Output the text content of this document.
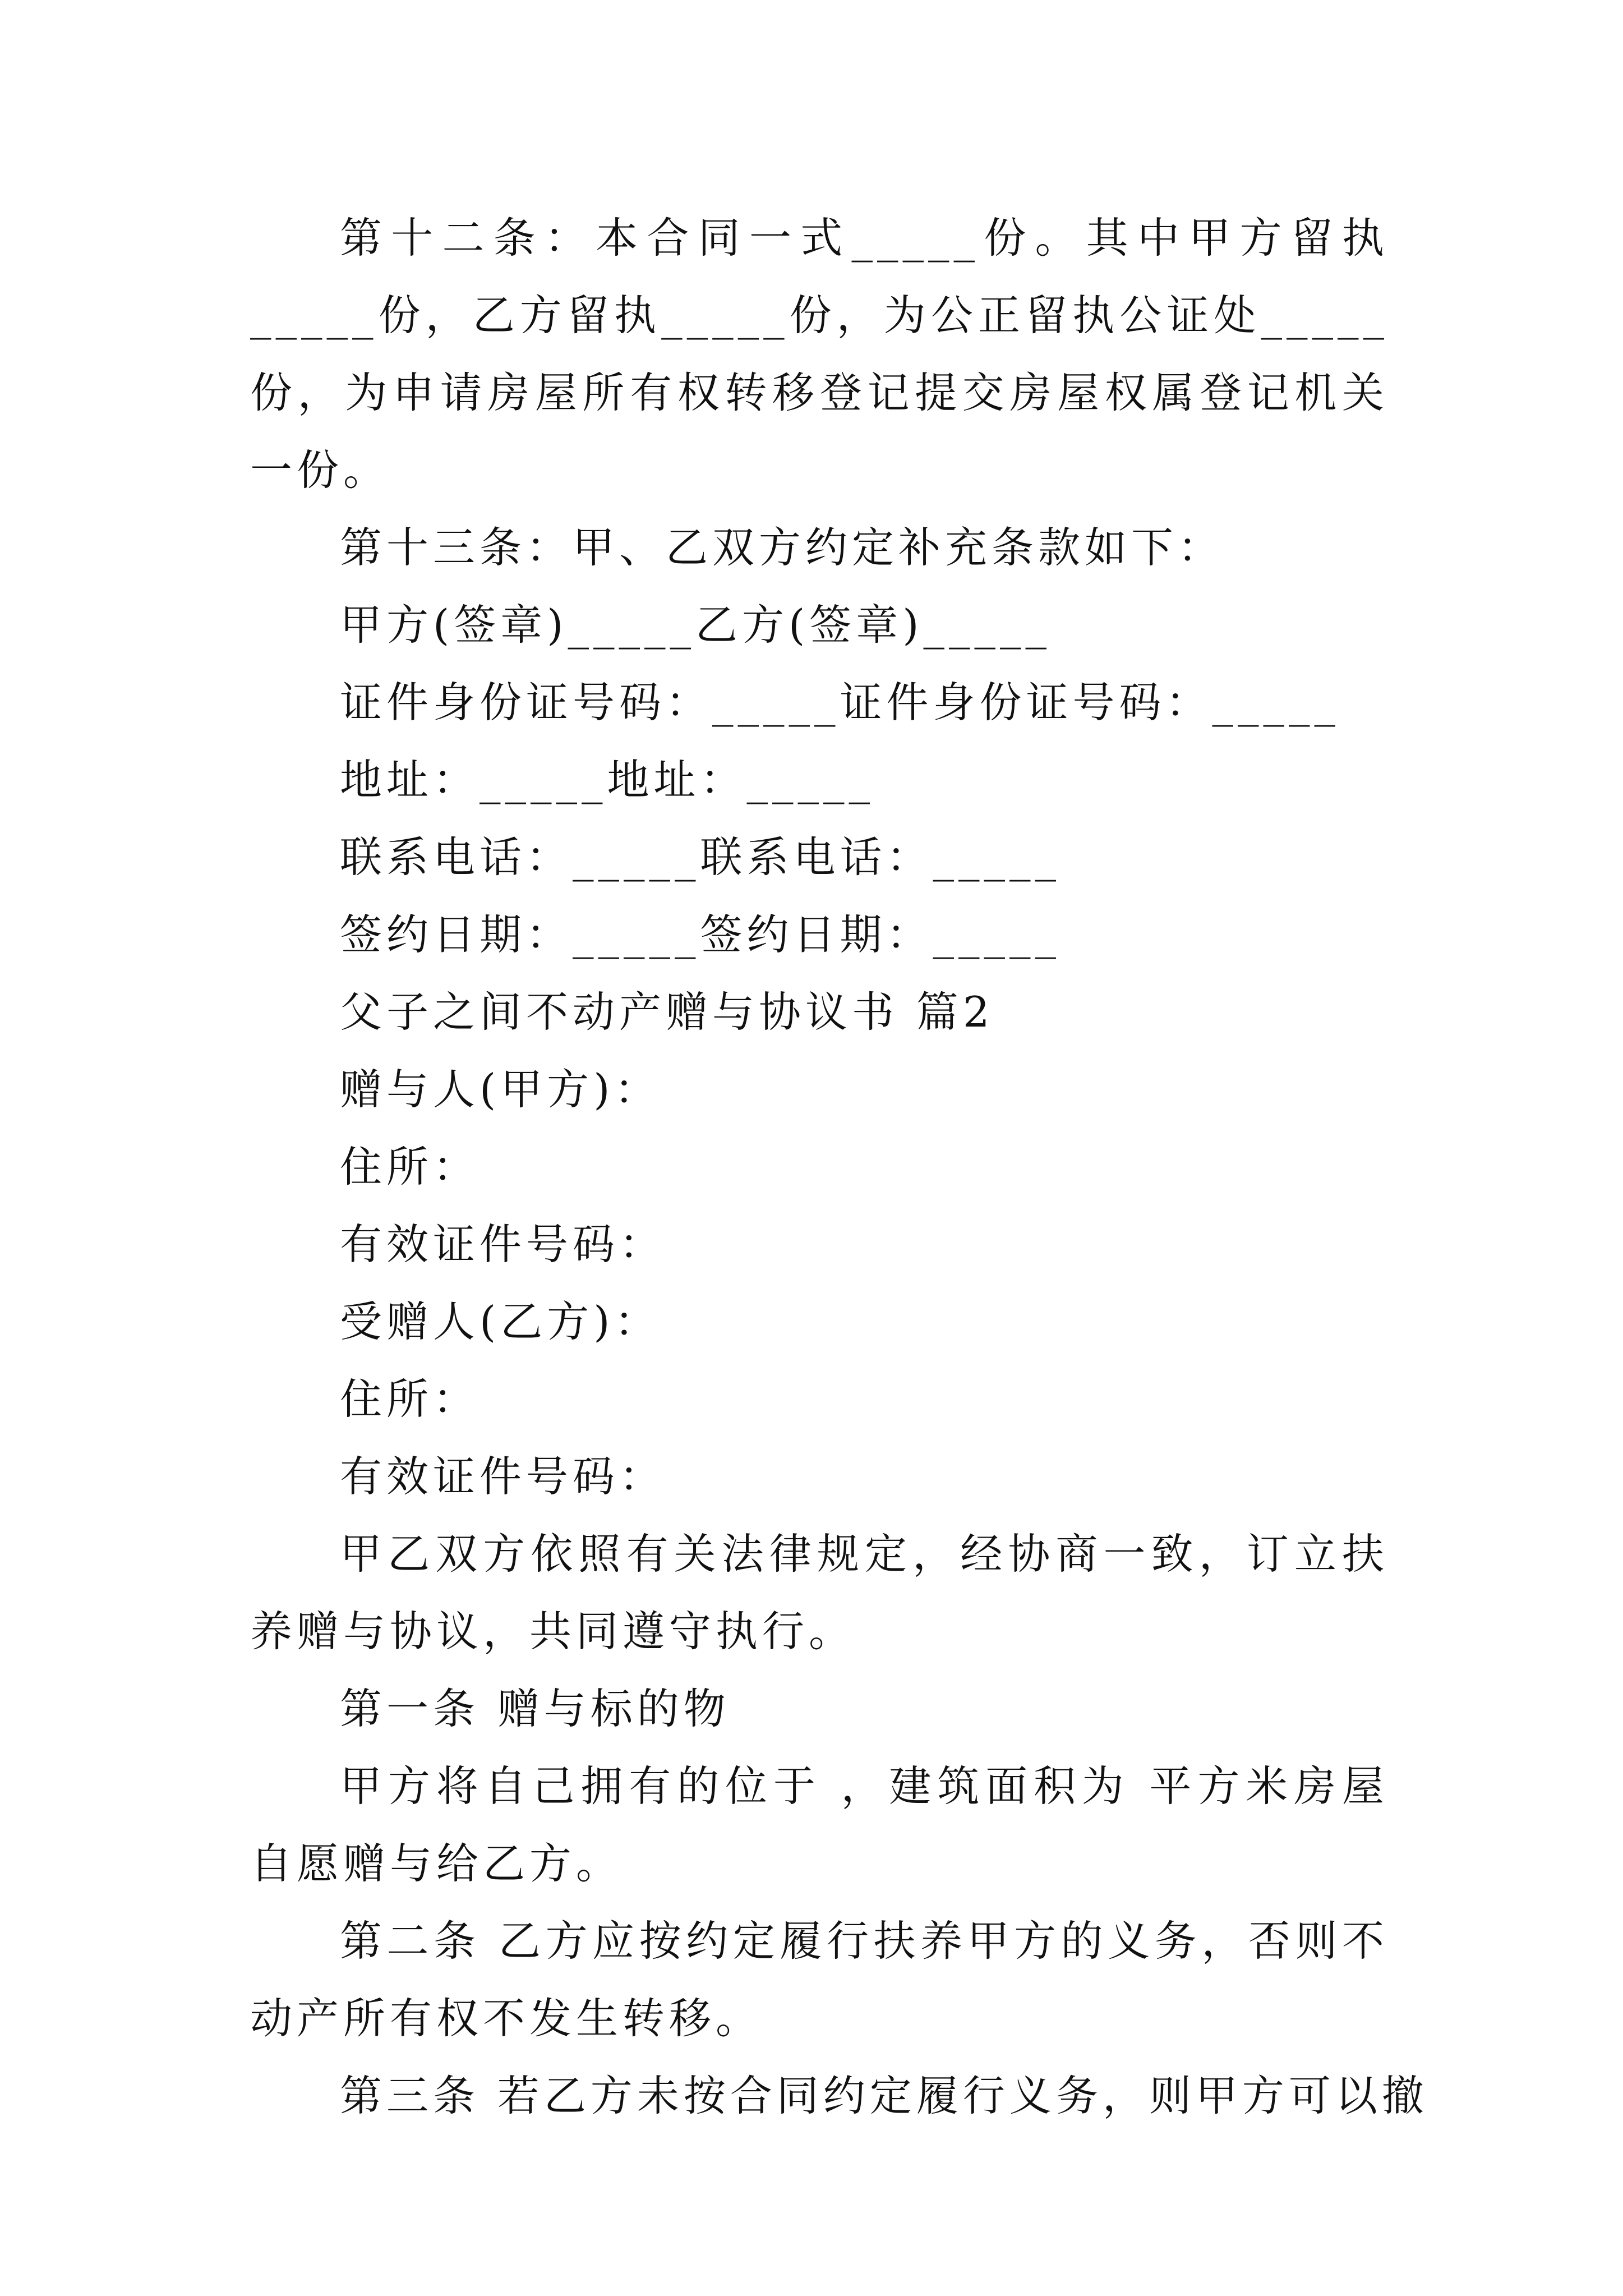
第十二条：本合同一式_____份。其中甲方留执_____份，乙方留执_____份，为公正留执公证处_____份，为申请房屋所有权转移登记提交房屋权属登记机关一份。

第十三条：甲、乙双方约定补充条款如下：

甲方(签章)_____乙方(签章)_____

证件身份证号码：_____证件身份证号码：_____

地址：_____地址：_____

联系电话：_____联系电话：_____

签约日期：_____签约日期：_____

父子之间不动产赠与协议书 篇2

赠与人(甲方)：

住所：

有效证件号码：

受赠人(乙方)：

住所：

有效证件号码：

甲乙双方依照有关法律规定，经协商一致，订立扶养赠与协议，共同遵守执行。

第一条 赠与标的物

甲方将自己拥有的位于 ，建筑面积为 平方米房屋自愿赠与给乙方。

第二条 乙方应按约定履行扶养甲方的义务，否则不动产所有权不发生转移。

第三条 若乙方未按合同约定履行义务，则甲方可以撤
